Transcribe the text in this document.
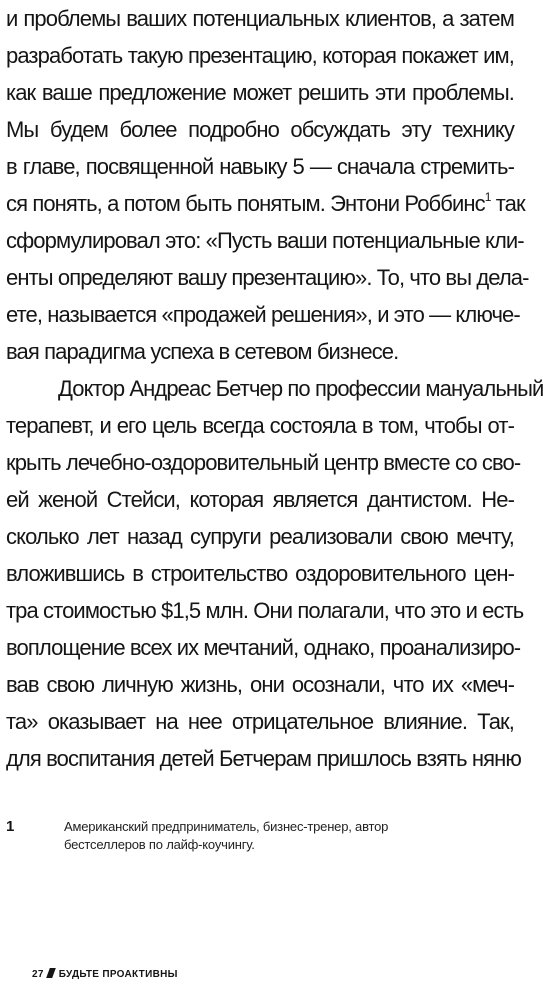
и проблемы ваших потенциальных клиентов, а затем
разработать такую презентацию, которая покажет им,
как ваше предложение может решить эти проблемы.
Мы будем более подробно обсуждать эту технику
в главе, посвященной навыку 5 — сначала стремить-
ся понять, а потом быть понятым. Энтони Роббинс$^1$ так
сформулировал это: «Пусть ваши потенциальные кли-
енты определяют вашу презентацию». То, что вы дела-
ете, называется «продажей решения», и это — ключе-
вая парадигма успеха в сетевом бизнесе.
Доктор Андреас Бетчер по профессии мануальный
терапевт, и его цель всегда состояла в том, чтобы от-
крыть лечебно-оздоровительный центр вместе со сво-
ей женой Стейси, которая является дантистом. Не-
сколько лет назад супруги реализовали свою мечту,
вложившись в строительство оздоровительного цен-
тра стоимостью $1,5 млн. Они полагали, что это и есть
воплощение всех их мечтаний, однако, проанализиро-
вав свою личную жизнь, они осознали, что их «меч-
та» оказывает на нее отрицательное влияние. Так,
для воспитания детей Бетчерам пришлось взять няню
1	Американский предприниматель, бизнес-тренер, автор
бестселлеров по лайф-коучингу.
27 БУДЬТЕ ПРОАКТИВНЫ
